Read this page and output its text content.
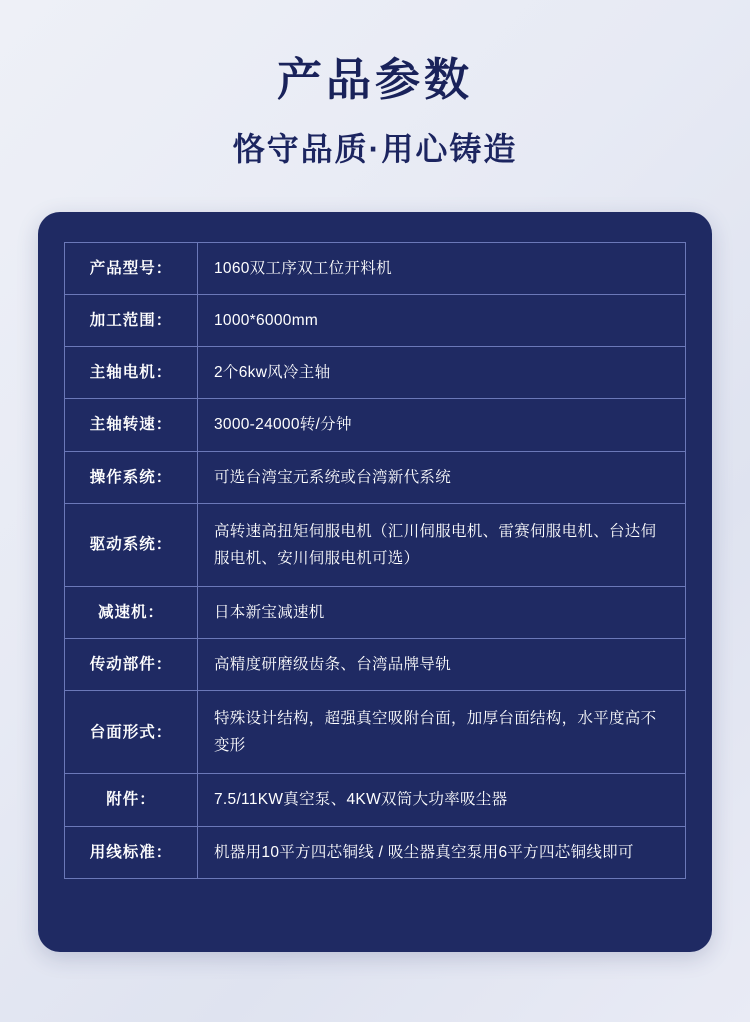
产品参数
恪守品质·用心铸造
产品型号：	1060双工序双工位开料机
加工范围：	1000*6000mm
主轴电机：	2个6kw风冷主轴
主轴转速：	3000-24000转/分钟
操作系统：	可选台湾宝元系统或台湾新代系统
驱动系统：	高转速高扭矩伺服电机（汇川伺服电机、雷赛伺服电机、台达伺服电机、安川伺服电机可选）
减速机：	日本新宝减速机
传动部件：	高精度研磨级齿条、台湾品牌导轨
台面形式：	特殊设计结构，超强真空吸附台面，加厚台面结构，水平度高不变形
附件：	7.5/11KW真空泵、4KW双筒大功率吸尘器
用线标准：	机器用10平方四芯铜线 / 吸尘器真空泵用6平方四芯铜线即可
